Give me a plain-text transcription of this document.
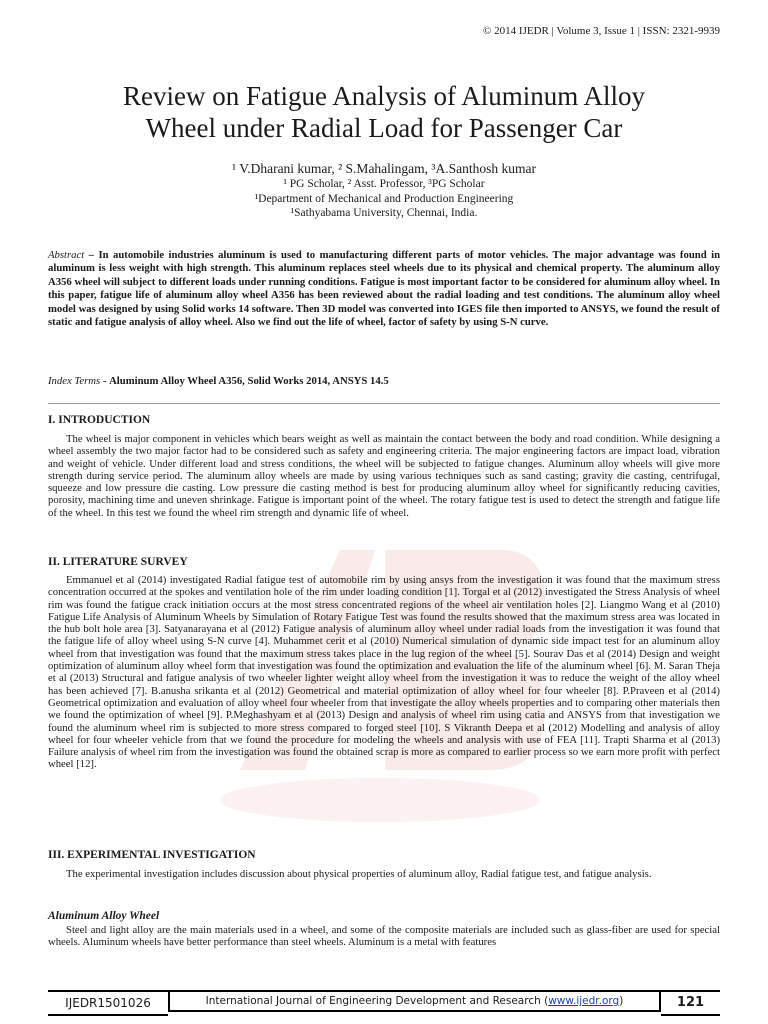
© 2014 IJEDR | Volume 3, Issue 1 | ISSN: 2321-9939
Review on Fatigue Analysis of Aluminum Alloy
Wheel under Radial Load for Passenger Car
¹ V.Dharani kumar, ² S.Mahalingam, ³A.Santhosh kumar
¹ PG Scholar, ² Asst. Professor, ³PG Scholar
¹Department of Mechanical and Production Engineering
¹Sathyabama University, Chennai, India.
Abstract – In automobile industries aluminum is used to manufacturing different parts of motor vehicles. The major advantage was found in aluminum is less weight with high strength. This aluminum replaces steel wheels due to its physical and chemical property. The aluminum alloy A356 wheel will subject to different loads under running conditions. Fatigue is most important factor to be considered for aluminum alloy wheel. In this paper, fatigue life of aluminum alloy wheel A356 has been reviewed about the radial loading and test conditions. The aluminum alloy wheel model was designed by using Solid works 14 software. Then 3D model was converted into IGES file then imported to ANSYS, we found the result of static and fatigue analysis of alloy wheel. Also we find out the life of wheel, factor of safety by using S-N curve.
Index Terms - Aluminum Alloy Wheel A356, Solid Works 2014, ANSYS 14.5
I. INTRODUCTION
The wheel is major component in vehicles which bears weight as well as maintain the contact between the body and road condition. While designing a wheel assembly the two major factor had to be considered such as safety and engineering criteria. The major engineering factors are impact load, vibration and weight of vehicle. Under different load and stress conditions, the wheel will be subjected to fatigue changes. Aluminum alloy wheels will give more strength during service period. The aluminum alloy wheels are made by using various techniques such as sand casting; gravity die casting, centrifugal, squeeze and low pressure die casting. Low pressure die casting method is best for producing aluminum alloy wheel for significantly reducing cavities, porosity, machining time and uneven shrinkage. Fatigue is important point of the wheel. The rotary fatigue test is used to detect the strength and fatigue life of the wheel. In this test we found the wheel rim strength and dynamic life of wheel.
II. LITERATURE SURVEY
Emmanuel et al (2014) investigated Radial fatigue test of automobile rim by using ansys from the investigation it was found that the maximum stress concentration occurred at the spokes and ventilation hole of the rim under loading condition [1]. Torgal et al (2012) investigated the Stress Analysis of wheel rim was found the fatigue crack initiation occurs at the most stress concentrated regions of the wheel air ventilation holes [2]. Liangmo Wang et al (2010) Fatigue Life Analysis of Aluminum Wheels by Simulation of Rotary Fatigue Test was found the results showed that the maximum stress area was located in the hub bolt hole area [3]. Satyanarayana et al (2012) Fatigue analysis of aluminum alloy wheel under radial loads from the investigation it was found that the fatigue life of alloy wheel using S-N curve [4]. Muhammet cerit et al (2010) Numerical simulation of dynamic side impact test for an aluminum alloy wheel from that investigation was found that the maximum stress takes place in the lug region of the wheel [5]. Sourav Das et al (2014) Design and weight optimization of aluminum alloy wheel form that investigation was found the optimization and evaluation the life of the aluminum wheel [6]. M. Saran Theja et al (2013) Structural and fatigue analysis of two wheeler lighter weight alloy wheel from the investigation it was to reduce the weight of the alloy wheel has been achieved [7]. B.anusha srikanta et al (2012) Geometrical and material optimization of alloy wheel for four wheeler [8]. P.Praveen et al (2014) Geometrical optimization and evaluation of alloy wheel four wheeler from that investigate the alloy wheels properties and to comparing other materials then we found the optimization of wheel [9]. P.Meghashyam et al (2013) Design and analysis of wheel rim using catia and ANSYS from that investigation we found the aluminum wheel rim is subjected to more stress compared to forged steel [10]. S Vikranth Deepa et al (2012) Modelling and analysis of alloy wheel for four wheeler vehicle from that we found the procedure for modeling the wheels and analysis with use of FEA [11]. Trapti Sharma et al (2013) Failure analysis of wheel rim from the investigation was found the obtained scrap is more as compared to earlier process so we earn more profit with perfect wheel [12].
III. EXPERIMENTAL INVESTIGATION
The experimental investigation includes discussion about physical properties of aluminum alloy, Radial fatigue test, and fatigue analysis.
Aluminum Alloy Wheel
Steel and light alloy are the main materials used in a wheel, and some of the composite materials are included such as glass-fiber are used for special wheels. Aluminum wheels have better performance than steel wheels. Aluminum is a metal with features
IJEDR1501026	International Journal of Engineering Development and Research (www.ijedr.org)	121
